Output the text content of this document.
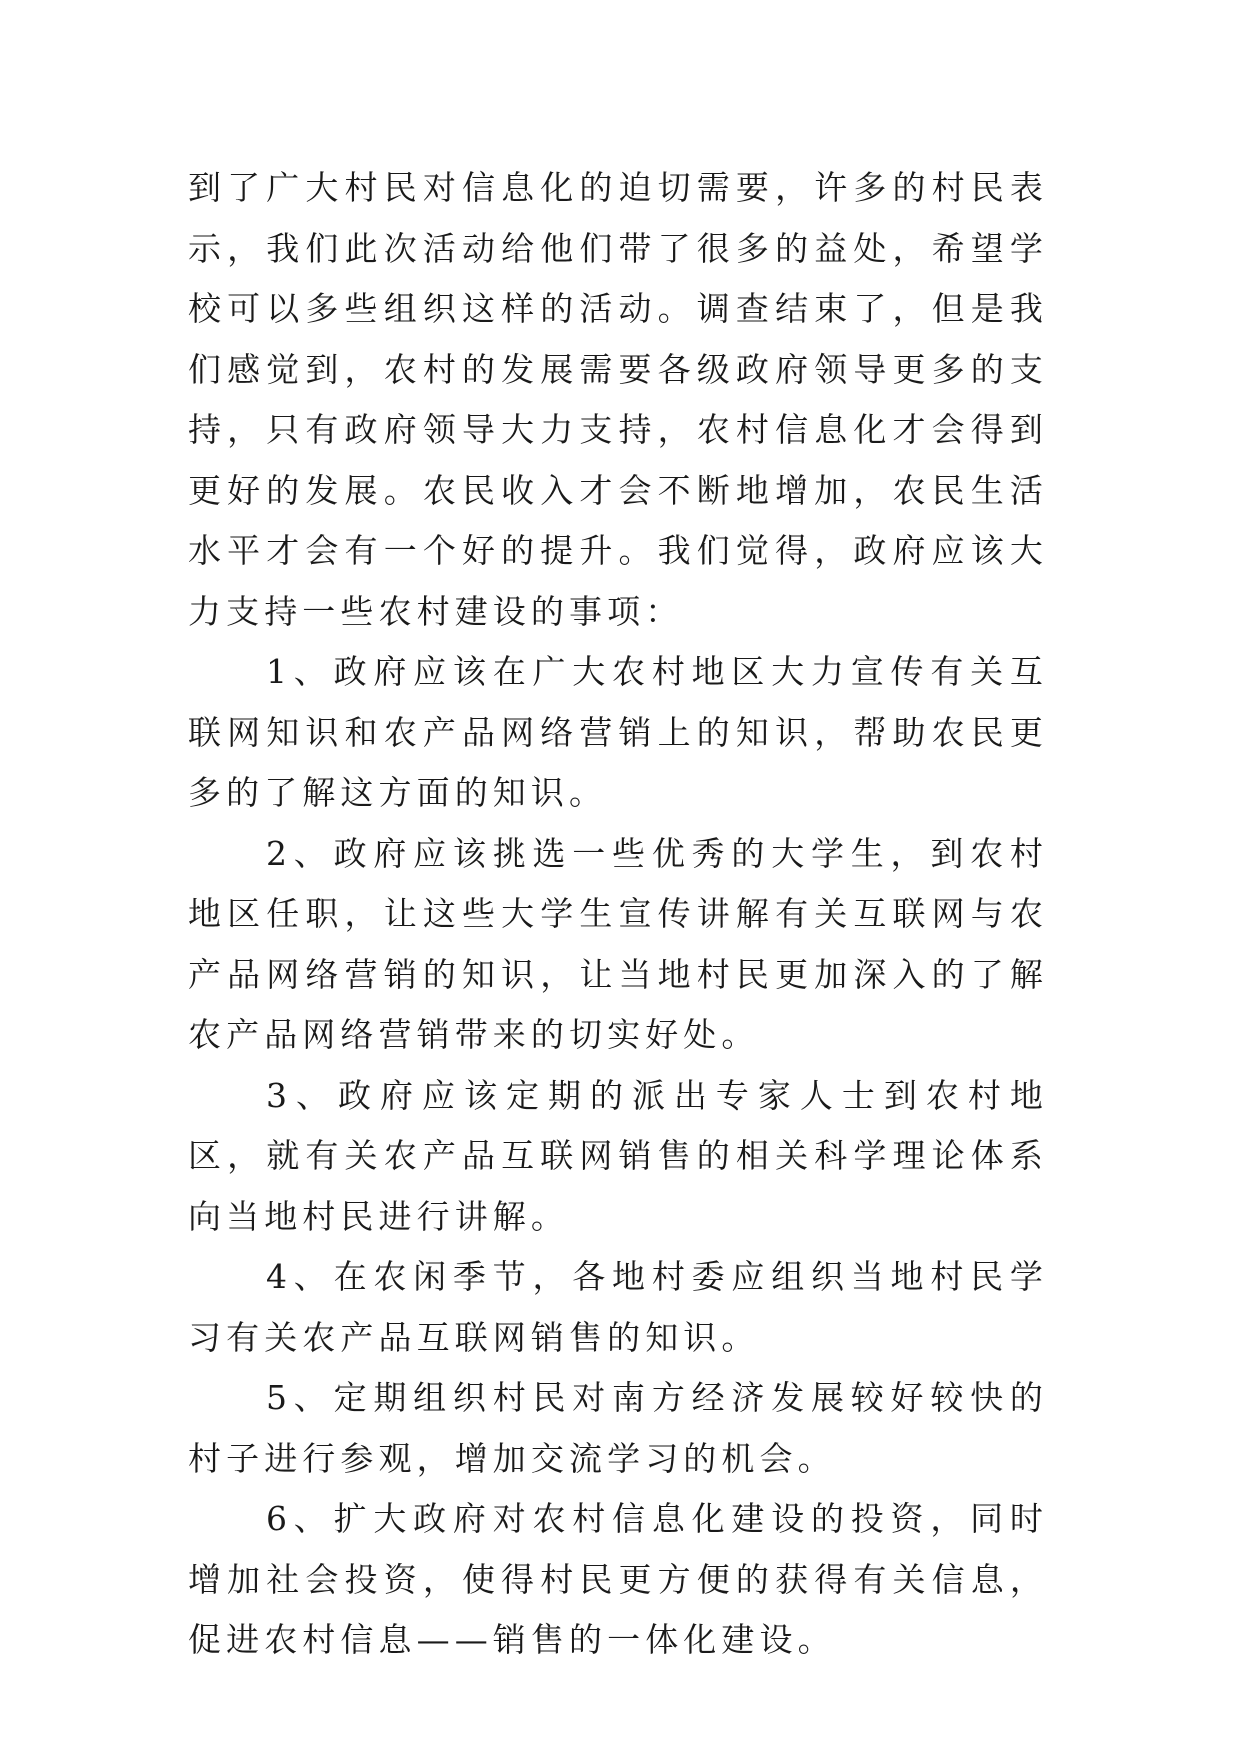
到了广大村民对信息化的迫切需要，许多的村民表示，我们此次活动给他们带了很多的益处，希望学校可以多些组织这样的活动。调查结束了，但是我们感觉到，农村的发展需要各级政府领导更多的支持，只有政府领导大力支持，农村信息化才会得到更好的发展。农民收入才会不断地增加，农民生活水平才会有一个好的提升。我们觉得，政府应该大力支持一些农村建设的事项：

1、政府应该在广大农村地区大力宣传有关互联网知识和农产品网络营销上的知识，帮助农民更多的了解这方面的知识。

2、政府应该挑选一些优秀的大学生，到农村地区任职，让这些大学生宣传讲解有关互联网与农产品网络营销的知识，让当地村民更加深入的了解农产品网络营销带来的切实好处。

3、政府应该定期的派出专家人士到农村地区，就有关农产品互联网销售的相关科学理论体系向当地村民进行讲解。

4、在农闲季节，各地村委应组织当地村民学习有关农产品互联网销售的知识。

5、定期组织村民对南方经济发展较好较快的村子进行参观，增加交流学习的机会。

6、扩大政府对农村信息化建设的投资，同时增加社会投资，使得村民更方便的获得有关信息，促进农村信息——销售的一体化建设。
